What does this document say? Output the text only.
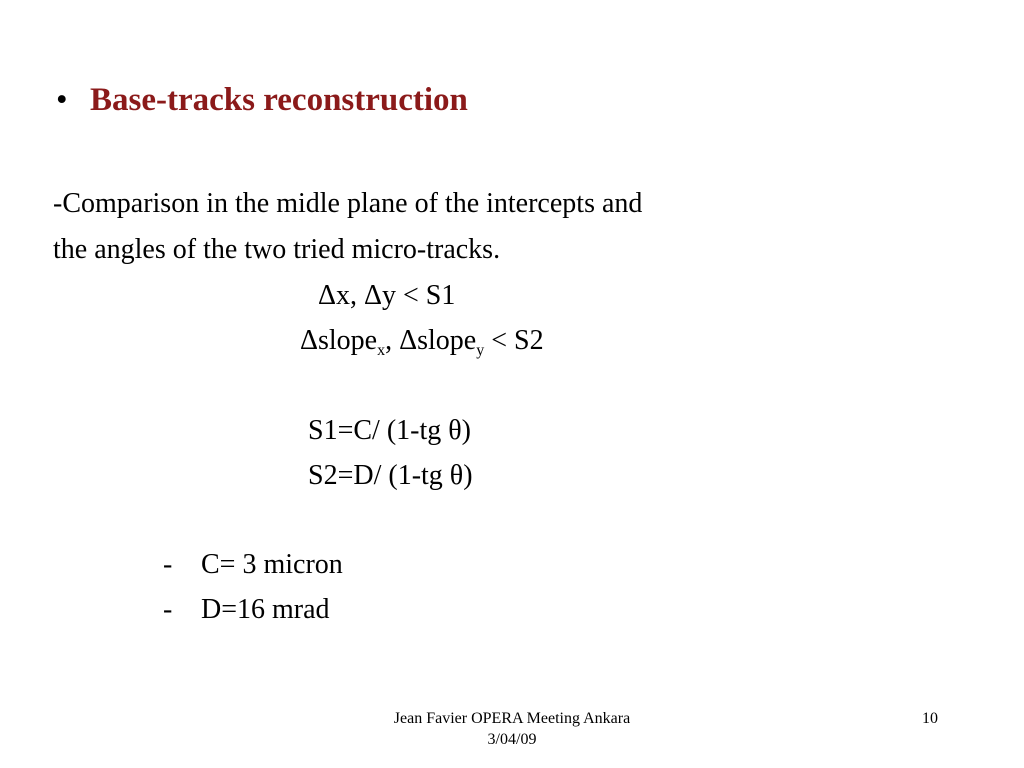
• Base-tracks reconstruction
-Comparison in the midle plane of the intercepts and
the angles of the two tried micro-tracks.
Δx, Δy < S1
Δslope$_x$, Δslope$_y$ < S2
S1=C/ (1-tg θ)
S2=D/ (1-tg θ)
- C= 3 micron
- D=16 mrad
Jean Favier OPERA Meeting Ankara
3/04/09
10
